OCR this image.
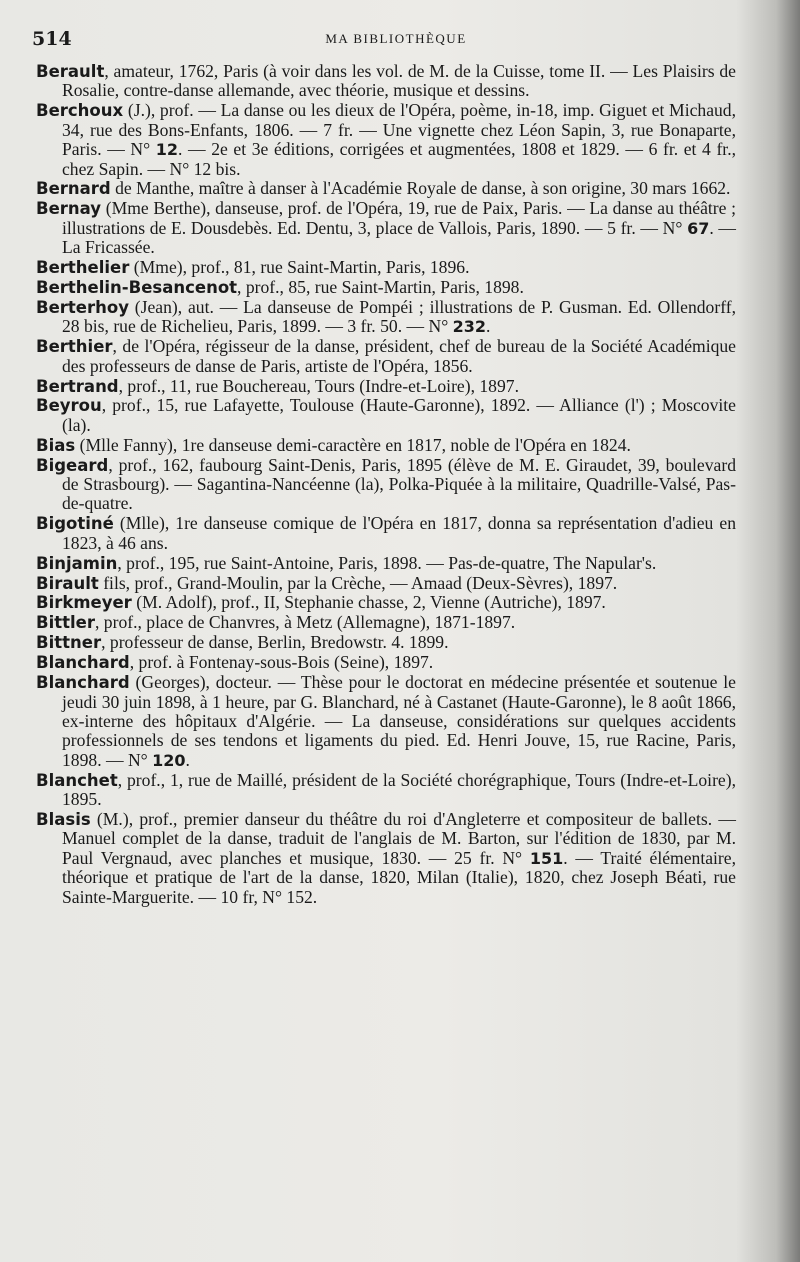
514	MA BIBLIOTHÈQUE

Berault, amateur, 1762, Paris (à voir dans les vol. de M. de la Cuisse, tome II. — Les Plaisirs de Rosalie, contre-danse allemande, avec théorie, musique et dessins.

Berchoux (J.), prof. — La danse ou les dieux de l'Opéra, poème, in-18, imp. Giguet et Michaud, 34, rue des Bons-Enfants, 1806. — 7 fr. — Une vignette chez Léon Sapin, 3, rue Bonaparte, Paris. — N° 12. — 2e et 3e éditions, corrigées et augmentées, 1808 et 1829. — 6 fr. et 4 fr., chez Sapin. — N° 12 bis.

Bernard de Manthe, maître à danser à l'Académie Royale de danse, à son origine, 30 mars 1662.

Bernay (Mme Berthe), danseuse, prof. de l'Opéra, 19, rue de Paix, Paris. — La danse au théâtre ; illustrations de E. Dousdebès. Ed. Dentu, 3, place de Vallois, Paris, 1890. — 5 fr. — N° 67. — La Fricassée.

Berthelier (Mme), prof., 81, rue Saint-Martin, Paris, 1896.

Berthelin-Besancenot, prof., 85, rue Saint-Martin, Paris, 1898.

Berterhoy (Jean), aut. — La danseuse de Pompéi ; illustrations de P. Gusman. Ed. Ollendorff, 28 bis, rue de Richelieu, Paris, 1899. — 3 fr. 50. — N° 232.

Berthier, de l'Opéra, régisseur de la danse, président, chef de bureau de la Société Académique des professeurs de danse de Paris, artiste de l'Opéra, 1856.

Bertrand, prof., 11, rue Bouchereau, Tours (Indre-et-Loire), 1897.

Beyrou, prof., 15, rue Lafayette, Toulouse (Haute-Garonne), 1892. — Alliance (l') ; Moscovite (la).

Bias (Mlle Fanny), 1re danseuse demi-caractère en 1817, noble de l'Opéra en 1824.

Bigeard, prof., 162, faubourg Saint-Denis, Paris, 1895 (élève de M. E. Giraudet, 39, boulevard de Strasbourg). — Sagantina-Nancéenne (la), Polka-Piquée à la militaire, Quadrille-Valsé, Pas-de-quatre.

Bigotiné (Mlle), 1re danseuse comique de l'Opéra en 1817, donna sa représentation d'adieu en 1823, à 46 ans.

Binjamin, prof., 195, rue Saint-Antoine, Paris, 1898. — Pas-de-quatre, The Napular's.

Birault fils, prof., Grand-Moulin, par la Crèche, — Amaad (Deux-Sèvres), 1897.

Birkmeyer (M. Adolf), prof., II, Stephanie chasse, 2, Vienne (Autriche), 1897.

Bittler, prof., place de Chanvres, à Metz (Allemagne), 1871-1897.

Bittner, professeur de danse, Berlin, Bredowstr. 4. 1899.

Blanchard, prof. à Fontenay-sous-Bois (Seine), 1897.

Blanchard (Georges), docteur. — Thèse pour le doctorat en médecine présentée et soutenue le jeudi 30 juin 1898, à 1 heure, par G. Blanchard, né à Castanet (Haute-Garonne), le 8 août 1866, ex-interne des hôpitaux d'Algérie. — La danseuse, considérations sur quelques accidents professionnels de ses tendons et ligaments du pied. Ed. Henri Jouve, 15, rue Racine, Paris, 1898. — N° 120.

Blanchet, prof., 1, rue de Maillé, président de la Société chorégraphique, Tours (Indre-et-Loire), 1895.

Blasis (M.), prof., premier danseur du théâtre du roi d'Angleterre et compositeur de ballets. — Manuel complet de la danse, traduit de l'anglais de M. Barton, sur l'édition de 1830, par M. Paul Vergnaud, avec planches et musique, 1830. — 25 fr. N° 151. — Traité élémentaire, théorique et pratique de l'art de la danse, 1820, Milan (Italie), 1820, chez Joseph Béati, rue Sainte-Marguerite. — 10 fr, N° 152.
